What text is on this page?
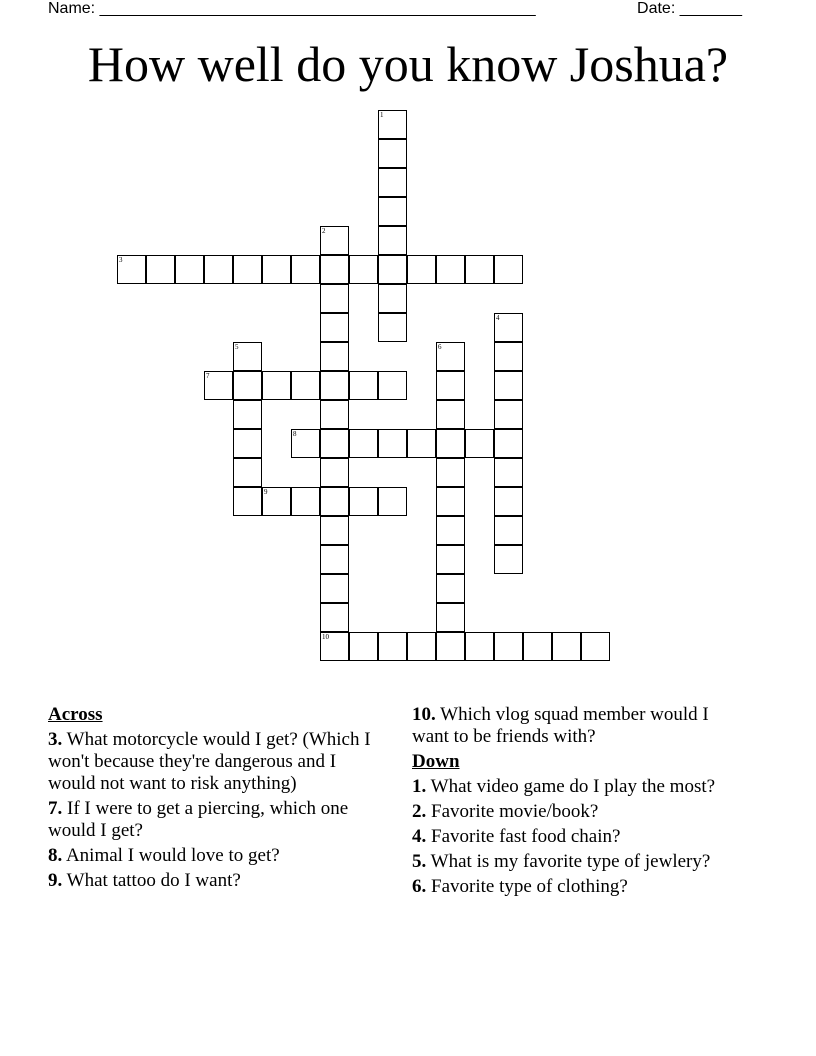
Name: _________________________________________________	Date: _______
How well do you know Joshua?
1
2
3
4
5	6
7
8
9
10
Across
3. What motorcycle would I get? (Which I won't because they're dangerous and I would not want to risk anything)
7. If I were to get a piercing, which one would I get?
8. Animal I would love to get?
9. What tattoo do I want?
10. Which vlog squad member would I want to be friends with?
Down
1. What video game do I play the most?
2. Favorite movie/book?
4. Favorite fast food chain?
5. What is my favorite type of jewlery?
6. Favorite type of clothing?
